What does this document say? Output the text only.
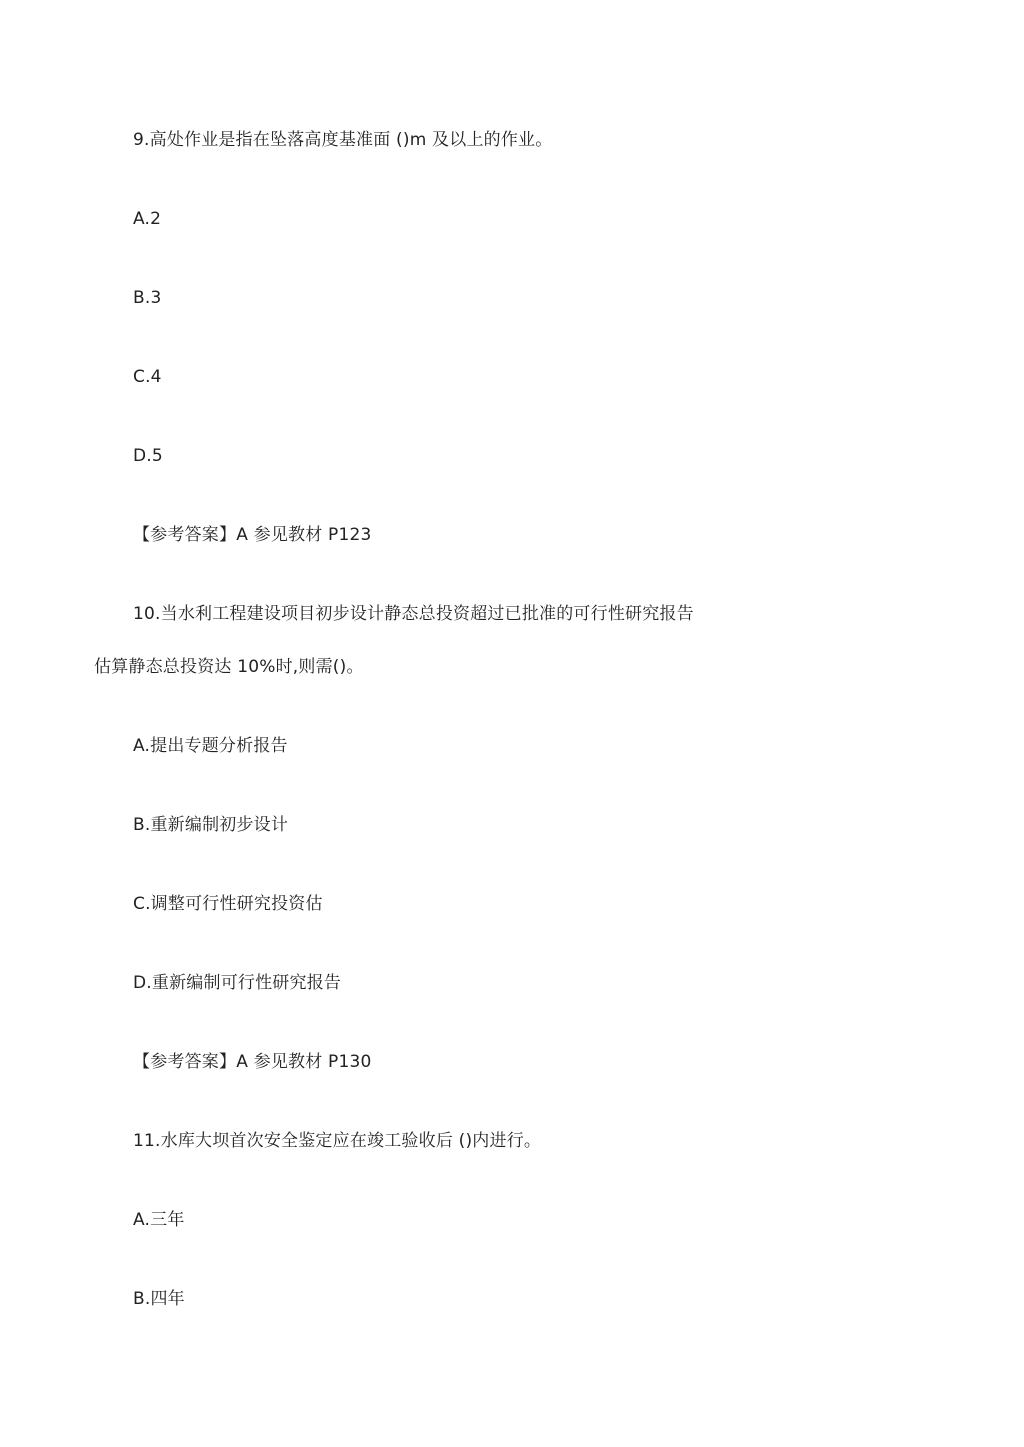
9.高处作业是指在坠落高度基准面 ()m 及以上的作业。
A.2
B.3
C.4
D.5
【参考答案】A 参见教材 P123
10.当水利工程建设项目初步设计静态总投资超过已批准的可行性研究报告
估算静态总投资达 10%时,则需()。
A.提出专题分析报告
B.重新编制初步设计
C.调整可行性研究投资估
D.重新编制可行性研究报告
【参考答案】A 参见教材 P130
11.水库大坝首次安全鉴定应在竣工验收后 ()内进行。
A.三年
B.四年
